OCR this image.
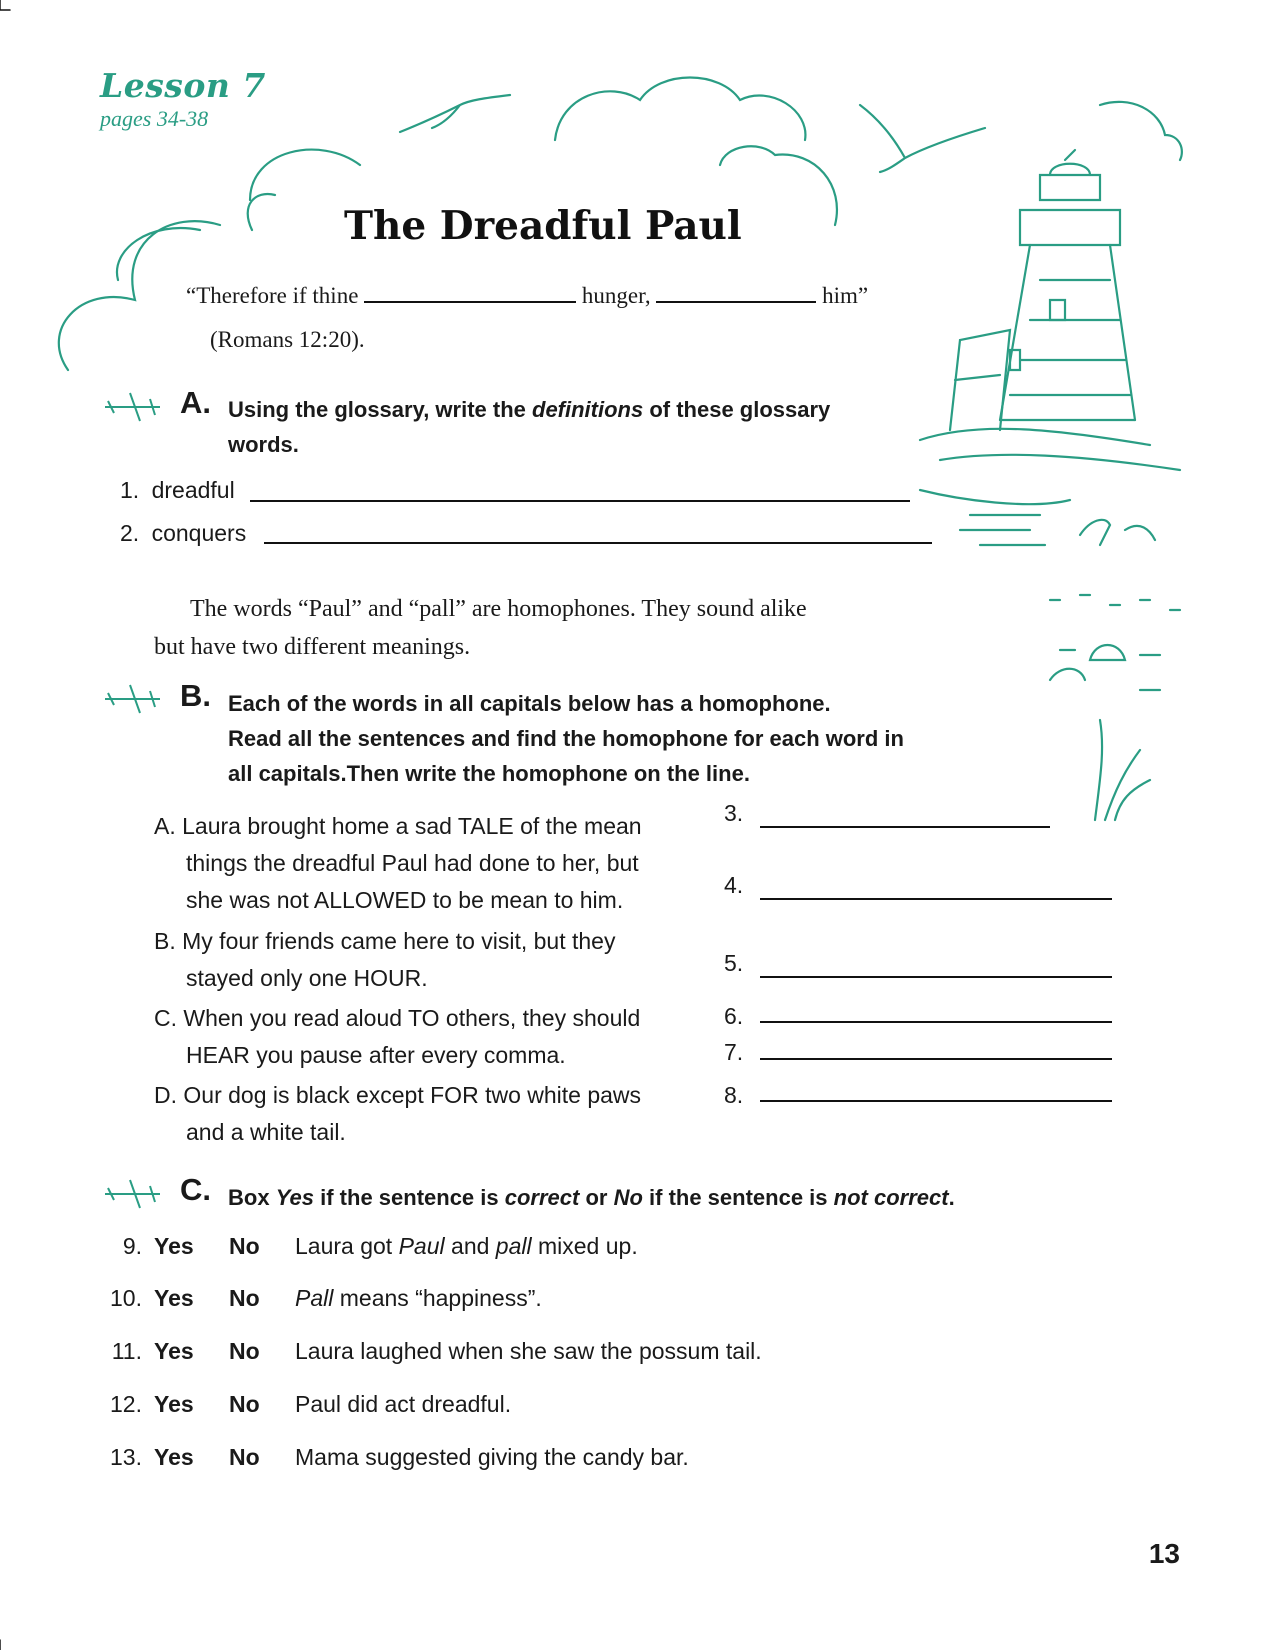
Lesson 7
pages 34-38
The Dreadful Paul
“Therefore if thine	hunger,	him”
(Romans 12:20).
A. Using the glossary, write the definitions of these glossary
words.
1. dreadful
2. conquers
The words “Paul” and “pall” are homophones. They sound alike
but have two different meanings.
B. Each of the words in all capitals below has a homophone.
Read all the sentences and find the homophone for each word in
all capitals.Then write the homophone on the line.
A. Laura brought home a sad TALE of the mean
things the dreadful Paul had done to her, but
she was not ALLOWED to be mean to him.
B. My four friends came here to visit, but they
stayed only one HOUR.
C. When you read aloud TO others, they should
HEAR you pause after every comma.
D. Our dog is black except FOR two white paws
and a white tail.
3.
4.
5.
6.
7.
8.
C. Box Yes if the sentence is correct or No if the sentence is not correct.
9. Yes No Laura got Paul and pall mixed up.
10. Yes No Pall means “happiness”.
11. Yes No Laura laughed when she saw the possum tail.
12. Yes No Paul did act dreadful.
13. Yes No Mama suggested giving the candy bar.
13
